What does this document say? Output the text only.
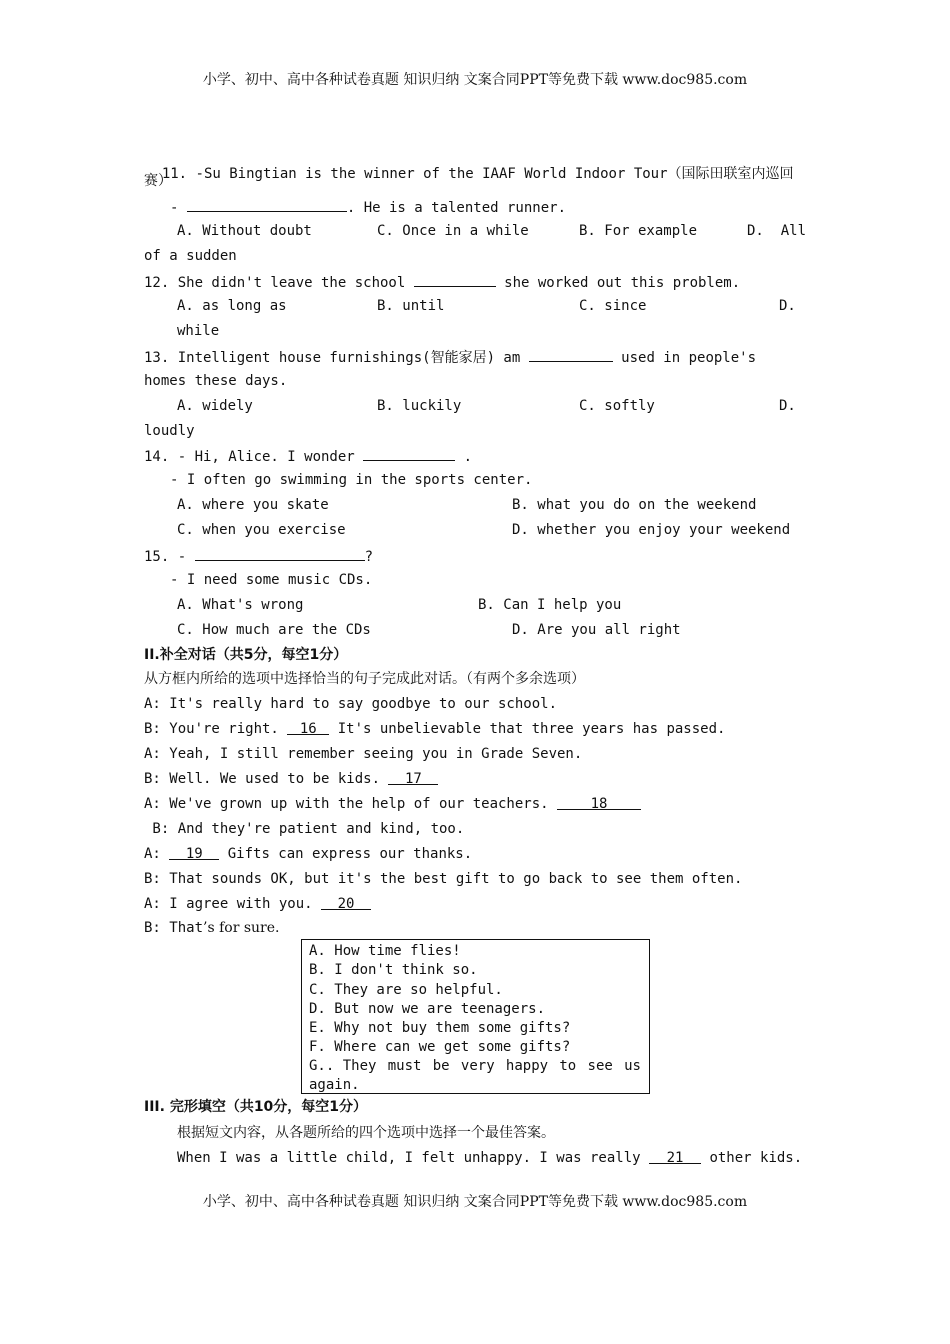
小学、初中、高中各种试卷真题 知识归纳 文案合同PPT等免费下载 www.doc985.com

11. -Su Bingtian is the winner of the IAAF World Indoor Tour（国际田联室内巡回

赛）
-	. He is a talented runner.
A. Without doubt	C. Once in a while	B. For example	D.  All
of a sudden
12. She didn't leave the school	she worked out this problem.
A. as long as	B. until	C. since	D.
while
13. Intelligent house furnishings(智能家居) am	used in people's
homes these days.
A. widely	B. luckily	C. softly	D.
loudly
14. - Hi, Alice. I wonder	.
- I often go swimming in the sports center.
A. where you skate	B. what you do on the weekend
C. when you exercise	D. whether you enjoy your weekend
15. -	?
- I need some music CDs.
A. What's wrong	B. Can I help you
C. How much are the CDs	D. Are you all right
II.补全对话（共5分，每空1分）
从方框内所给的选项中选择恰当的句子完成此对话。（有两个多余选项）
A: It's really hard to say goodbye to our school.
B: You're right. 16 It's unbelievable that three years has passed.
A: Yeah, I still remember seeing you in Grade Seven.
B: Well. We used to be kids. 17
A: We've grown up with the help of our teachers. 18
B: And they're patient and kind, too.
A: 19 Gifts can express our thanks.
B: That sounds OK, but it's the best gift to go back to see them often.
A: I agree with you. 20
B: That’s for sure.
A. How time flies!
B. I don't think so.
C. They are so helpful.
D. But now we are teenagers.
E. Why not buy them some gifts?
F. Where can we get some gifts?
G.. They must be very happy to see us
again.
III. 完形填空（共10分，每空1分）
根据短文内容，从各题所给的四个选项中选择一个最佳答案。
When I was a little child, I felt unhappy. I was really 21 other kids.
小学、初中、高中各种试卷真题 知识归纳 文案合同PPT等免费下载 www.doc985.com
